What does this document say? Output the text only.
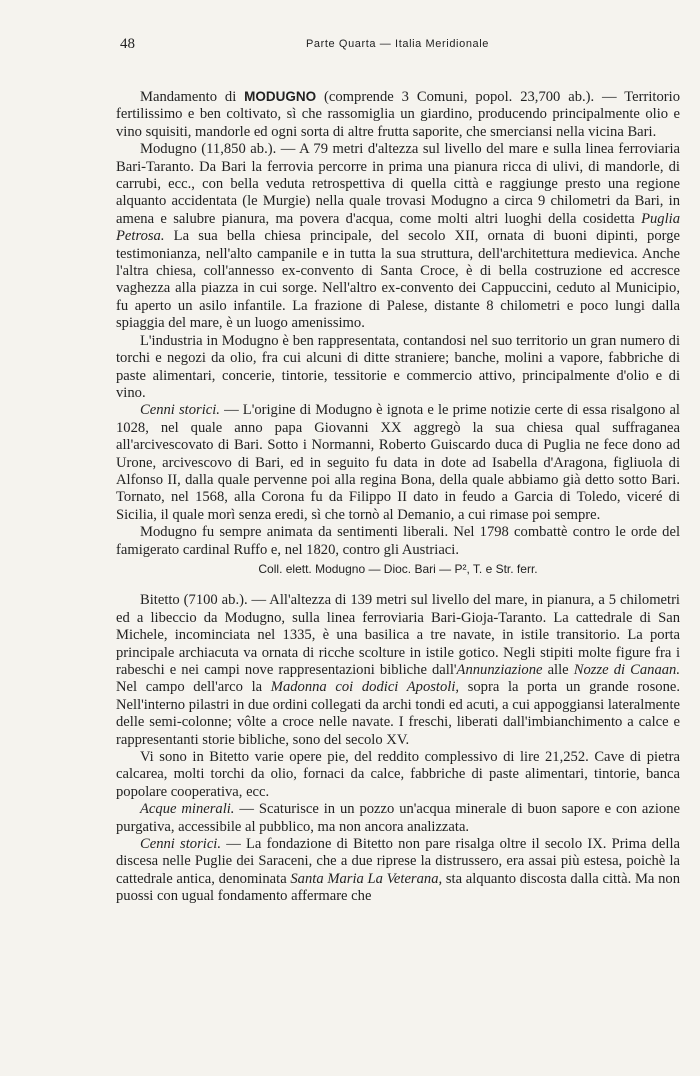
48	Parte Quarta — Italia Meridionale

Mandamento di MODUGNO (comprende 3 Comuni, popol. 23,700 ab.). — Territorio fertilissimo e ben coltivato, sì che rassomiglia un giardino, producendo principalmente olio e vino squisiti, mandorle ed ogni sorta di altre frutta saporite, che smerciansi nella vicina Bari.

Modugno (11,850 ab.). — A 79 metri d'altezza sul livello del mare e sulla linea ferroviaria Bari-Taranto. Da Bari la ferrovia percorre in prima una pianura ricca di ulivi, di mandorle, di carrubi, ecc., con bella veduta retrospettiva di quella città e raggiunge presto una regione alquanto accidentata (le Murgie) nella quale trovasi Modugno a circa 9 chilometri da Bari, in amena e salubre pianura, ma povera d'acqua, come molti altri luoghi della cosidetta Puglia Petrosa. La sua bella chiesa principale, del secolo XII, ornata di buoni dipinti, porge testimonianza, nell'alto campanile e in tutta la sua struttura, dell'architettura medievica. Anche l'altra chiesa, coll'annesso ex-convento di Santa Croce, è di bella costruzione ed accresce vaghezza alla piazza in cui sorge. Nell'altro ex-convento dei Cappuccini, ceduto al Municipio, fu aperto un asilo infantile. La frazione di Palese, distante 8 chilometri e poco lungi dalla spiaggia del mare, è un luogo amenissimo.

L'industria in Modugno è ben rappresentata, contandosi nel suo territorio un gran numero di torchi e negozi da olio, fra cui alcuni di ditte straniere; banche, molini a vapore, fabbriche di paste alimentari, concerie, tintorie, tessitorie e commercio attivo, principalmente d'olio e di vino.

Cenni storici. — L'origine di Modugno è ignota e le prime notizie certe di essa risalgono al 1028, nel quale anno papa Giovanni XX aggregò la sua chiesa qual suffraganea all'arcivescovato di Bari. Sotto i Normanni, Roberto Guiscardo duca di Puglia ne fece dono ad Urone, arcivescovo di Bari, ed in seguito fu data in dote ad Isabella d'Aragona, figliuola di Alfonso II, dalla quale pervenne poi alla regina Bona, della quale abbiamo già detto sotto Bari. Tornato, nel 1568, alla Corona fu da Filippo II dato in feudo a Garcia di Toledo, viceré di Sicilia, il quale morì senza eredi, sì che tornò al Demanio, a cui rimase poi sempre.

Modugno fu sempre animata da sentimenti liberali. Nel 1798 combattè contro le orde del famigerato cardinal Ruffo e, nel 1820, contro gli Austriaci.

Coll. elett. Modugno — Dioc. Bari — P², T. e Str. ferr.

Bitetto (7100 ab.). — All'altezza di 139 metri sul livello del mare, in pianura, a 5 chilometri ed a libeccio da Modugno, sulla linea ferroviaria Bari-Gioja-Taranto. La cattedrale di San Michele, incominciata nel 1335, è una basilica a tre navate, in istile transitorio. La porta principale archiacuta va ornata di ricche scolture in istile gotico. Negli stipiti molte figure fra i rabeschi e nei campi nove rappresentazioni bibliche dall'Annunziazione alle Nozze di Canaan. Nel campo dell'arco la Madonna coi dodici Apostoli, sopra la porta un grande rosone. Nell'interno pilastri in due ordini collegati da archi tondi ed acuti, a cui appoggiansi lateralmente delle semi-colonne; vôlte a croce nelle navate. I freschi, liberati dall'imbianchimento a calce e rappresentanti storie bibliche, sono del secolo XV.

Vi sono in Bitetto varie opere pie, del reddito complessivo di lire 21,252. Cave di pietra calcarea, molti torchi da olio, fornaci da calce, fabbriche di paste alimentari, tintorie, banca popolare cooperativa, ecc.

Acque minerali. — Scaturisce in un pozzo un'acqua minerale di buon sapore e con azione purgativa, accessibile al pubblico, ma non ancora analizzata.

Cenni storici. — La fondazione di Bitetto non pare risalga oltre il secolo IX. Prima della discesa nelle Puglie dei Saraceni, che a due riprese la distrussero, era assai più estesa, poichè la cattedrale antica, denominata Santa Maria La Veterana, sta alquanto discosta dalla città. Ma non puossi con ugual fondamento affermare che
